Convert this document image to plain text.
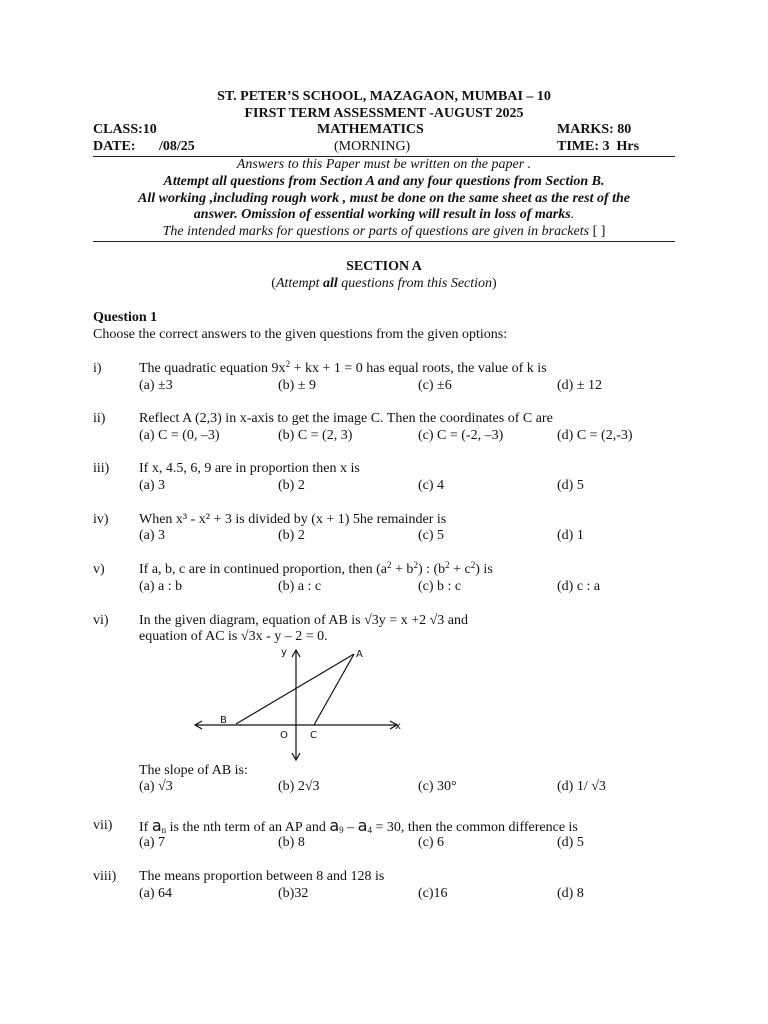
ST. PETER’S SCHOOL, MAZAGAON, MUMBAI – 10
FIRST TERM ASSESSMENT -AUGUST 2025
CLASS:10	MATHEMATICS	MARKS: 80
DATE: /08/25	(MORNING)	TIME: 3  Hrs
Answers to this Paper must be written on the paper .
Attempt all questions from Section A and any four questions from Section B.
All working ,including rough work , must be done on the same sheet as the rest of the
answer. Omission of essential working will result in loss of marks.
The intended marks for questions or parts of questions are given in brackets [ ]
SECTION A
(Attempt all questions from this Section)
Question 1
Choose the correct answers to the given questions from the given options:
i)	The quadratic equation $9x^2$ + kx + 1 = 0 has equal roots, the value of k is
(a) ±3	(b) ± 9	(c) ±6	(d) ± 12
ii) Reflect A (2,3) in x-axis to get the image C. Then the coordinates of C are
(a) C = (0, –3)	(b) C = (2, 3)	(c) C = (-2, –3)	(d) C = (2,-3)
iii) If x, 4.5, 6, 9 are in proportion then x is
(a) 3	(b) 2	(c) 4	(d) 5
iv) When x³ - x² + 3 is divided by (x + 1) 5he remainder is
(a) 3	(b) 2	(c) 5	(d) 1
v) If a, b, c are in continued proportion, then $(a^2 + b^2)$ : $(b^2 + c^2)$ is
(a) a : b	(b) a : c	(c) b : c	(d) c : a
vi) In the given diagram, equation of AB is √3y = x +2 √3 and
equation of AC is √3x - y – 2 = 0.
y
x
A
B
O C
The slope of AB is:
(a) √3	(b) 2√3	(c) 30°	(d) 1/ √3
vii) If $a_n$ is the nth term of an AP and $a_9 - a_4 = 30$, then the common difference is
(a) 7	(b) 8	(c) 6	(d) 5
viii) The means proportion between 8 and 128 is
(a) 64	(b)32	(c)16	(d) 8
